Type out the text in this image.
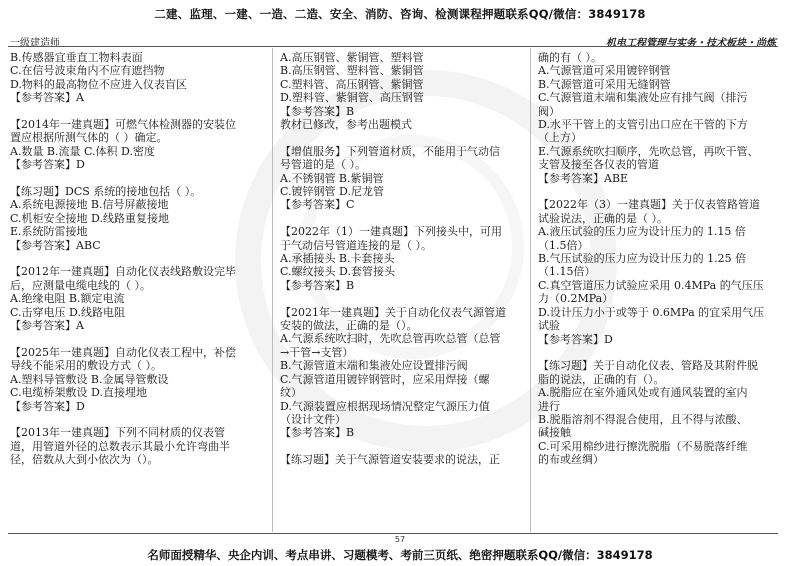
二建、监理、一建、一造、二造、安全、消防、咨询、检测课程押题联系QQ/微信：3849178
一级建造师	机电工程管理与实务・技术板块・尚炼
B.传感器宜垂直工物料表面
C.在信号波束角内不应有遮挡物
D.物料的最高物位不应进入仪表盲区
【参考答案】A
【2014年一建真题】可燃气体检测器的安装位
置应根据所测气体的（ ）确定。
A.数量 B.流量 C.体积 D.密度
【参考答案】D
【练习题】DCS 系统的接地包括（ ）。
A.系统电源接地 B.信号屏蔽接地
C.机柜安全接地 D.线路重复接地
E.系统防雷接地
【参考答案】ABC
【2012年一建真题】自动化仪表线路敷设完毕
后，应测量电缆电线的（ ）。
A.绝缘电阻 B.额定电流
C.击穿电压 D.线路电阻
【参考答案】A
【2025年一建真题】自动化仪表工程中，补偿
导线不能采用的敷设方式（ ）。
A.塑料导管敷设 B.金属导管敷设
C.电缆桥架敷设 D.直接埋地
【参考答案】D
【2013年一建真题】下列不同材质的仪表管
道，用管道外径的总数表示其最小允许弯曲半
径，倍数从大到小依次为（）。
A.高压钢管、紫铜管、塑料管
B.高压钢管、塑料管、紫铜管
C.塑料管、高压钢管、紫铜管
D.塑料管、紫铜管、高压钢管
【参考答案】B
教材已修改，参考出题模式
【增值服务】下列管道材质，不能用于气动信
号管道的是（ ）。
A.不锈钢管 B.紫铜管
C.镀锌钢管 D.尼龙管
【参考答案】C
【2022年（1）一建真题】下列接头中，可用
于气动信号管道连接的是（ ）。
A.承插接头 B.卡套接头
C.螺纹接头 D.套管接头
【参考答案】B
【2021年一建真题】关于自动化仪表气源管道
安装的做法，正确的是（）。
A.气源系统吹扫时，先吹总管再吹总管（总管
→干管→支管）
B.气源管道末端和集液处应设置排污阀
C.气源管道用镀锌钢管时，应采用焊接（螺
纹）
D.气源装置应根据现场情况整定气源压力值
（设计文件）
【参考答案】B
【练习题】关于气源管道安装要求的说法，正
确的有（ ）。
A.气源管道可采用镀锌钢管
B.气源管道可采用无缝钢管
C.气源管道末端和集液处应有排气阀（排污
阀）
D.水平干管上的支管引出口应在干管的下方
（上方）
E.气源系统吹扫顺序，先吹总管，再吹干管、
支管及接至各仪表的管道
【参考答案】ABE
【2022年（3）一建真题】关于仪表管路管道
试验说法，正确的是（ ）。
A.液压试验的压力应为设计压力的 1.15 倍
（1.5倍）
B.气压试验的压力应为设计压力的 1.25 倍
（1.15倍）
C.真空管道压力试验应采用 0.4MPa 的气压压
力（0.2MPa）
D.设计压力小于或等于 0.6MPa 的宜采用气压
试验
【参考答案】D
【练习题】关于自动化仪表、管路及其附件脱
脂的说法，正确的有（）。
A.脱脂应在室外通风处或有通风装置的室内
进行
B.脱脂溶剂不得混合使用，且不得与浓酸、
碱接触
C.可采用棉纱进行擦洗脱脂（不易脱落纤维
的布或丝绸）
57
名师面授精华、央企内训、考点串讲、习题模考、考前三页纸、绝密押题联系QQ/微信：3849178
